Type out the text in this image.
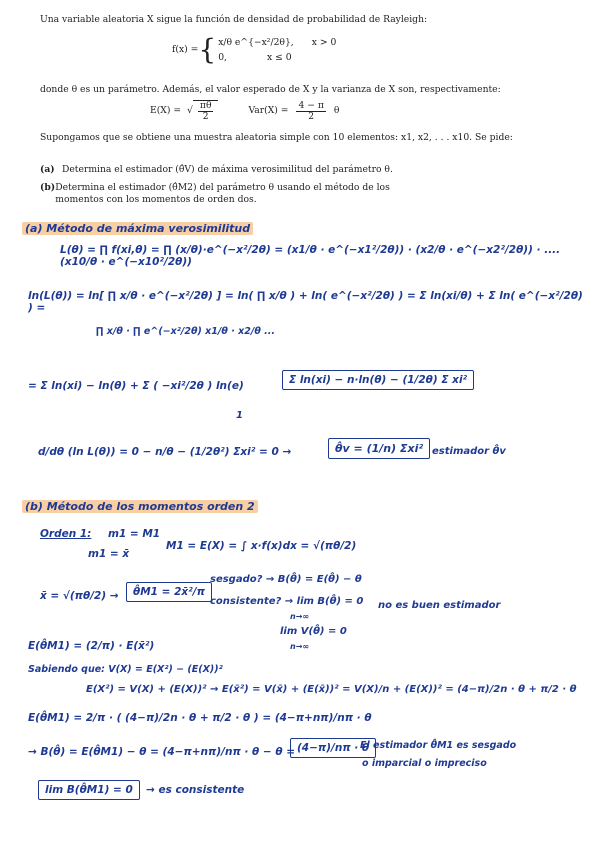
Una variable aleatoria X sigue la función de densidad de probabilidad de Rayleigh:
f(x) = { x/θ e^{−x²/2θ}, x > 0
0,	x ≤ 0
donde θ es un parámetro. Además, el valor esperado de X y la varianza de X son, respectivamente:
E(X) = √ $\frac{\pi\theta}{2}$	$Var(X) = \frac{4 - \pi}{2}$ θ
Supongamos que se obtiene una muestra aleatoria simple con 10 elementos: x1, x2, . . . x10. Se pide:
(a) Determina el estimador (θ̂V) de máxima verosimilitud del parámetro θ.
(b) Determina el estimador (θ̂M2) del parámetro θ usando el método de los momentos con los momentos de orden dos.
(a) Método de máxima verosimilitud
L(θ) = ∏ f(xi,θ) = ∏ (x/θ)·e^(−x²/2θ) = (x1/θ · e^(−x1²/2θ)) · (x2/θ · e^(−x2²/2θ)) · .... (x10/θ · e^(−x10²/2θ))
ln(L(θ)) = ln[ ∏ x/θ · e^(−x²/2θ) ] = ln( ∏ x/θ ) + ln( e^(−x²/2θ) ) = Σ ln(xi/θ) + Σ ln( e^(−x²/2θ) ) =
∏ x/θ · ∏ e^(−x²/2θ) x1/θ · x2/θ ...
= Σ ln(xi) − ln(θ) + Σ ( −xi²/2θ ) ln(e)
1
Σ ln(xi) − n·ln(θ) − (1/2θ) Σ xi²
d/dθ (ln L(θ)) = 0 − n/θ − (1/2θ²) Σxi² = 0 →	θ̂v = (1/n) Σxi² estimador θ̂v
(b) Método de los momentos orden 2
Orden 1: m1 = M1
m1 = x̄
M1 = E(X) = ∫ x·f(x)dx = √(πθ/2)
x̄ = √(πθ/2) →	θ̂M1 = 2x̄²/π
sesgado? → B(θ̂) = E(θ̂) − θ
consistente? → lim B(θ̂) = 0
n→∞
lim V(θ̂) = 0
n→∞
no es buen estimador
E(θ̂M1) = (2/π) · E(x̄²)
Sabiendo que: V(X) = E(X²) − (E(X))²
E(X²) = V(X) + (E(X))² → E(x̄²) = V(x̄) + (E(x̄))² = V(X)/n + (E(X))² = (4−π)/2n · θ + π/2 · θ
E(θ̂M1) = 2/π · ( (4−π)/2n · θ + π/2 · θ ) = (4−π+nπ)/nπ · θ
→ B(θ̂) = E(θ̂M1) − θ = (4−π+nπ)/nπ · θ − θ = (4−π)/nπ · θ
El estimador θ̂M1 es sesgado
o imparcial o impreciso
lim B(θ̂M1) = 0	→ es consistente
